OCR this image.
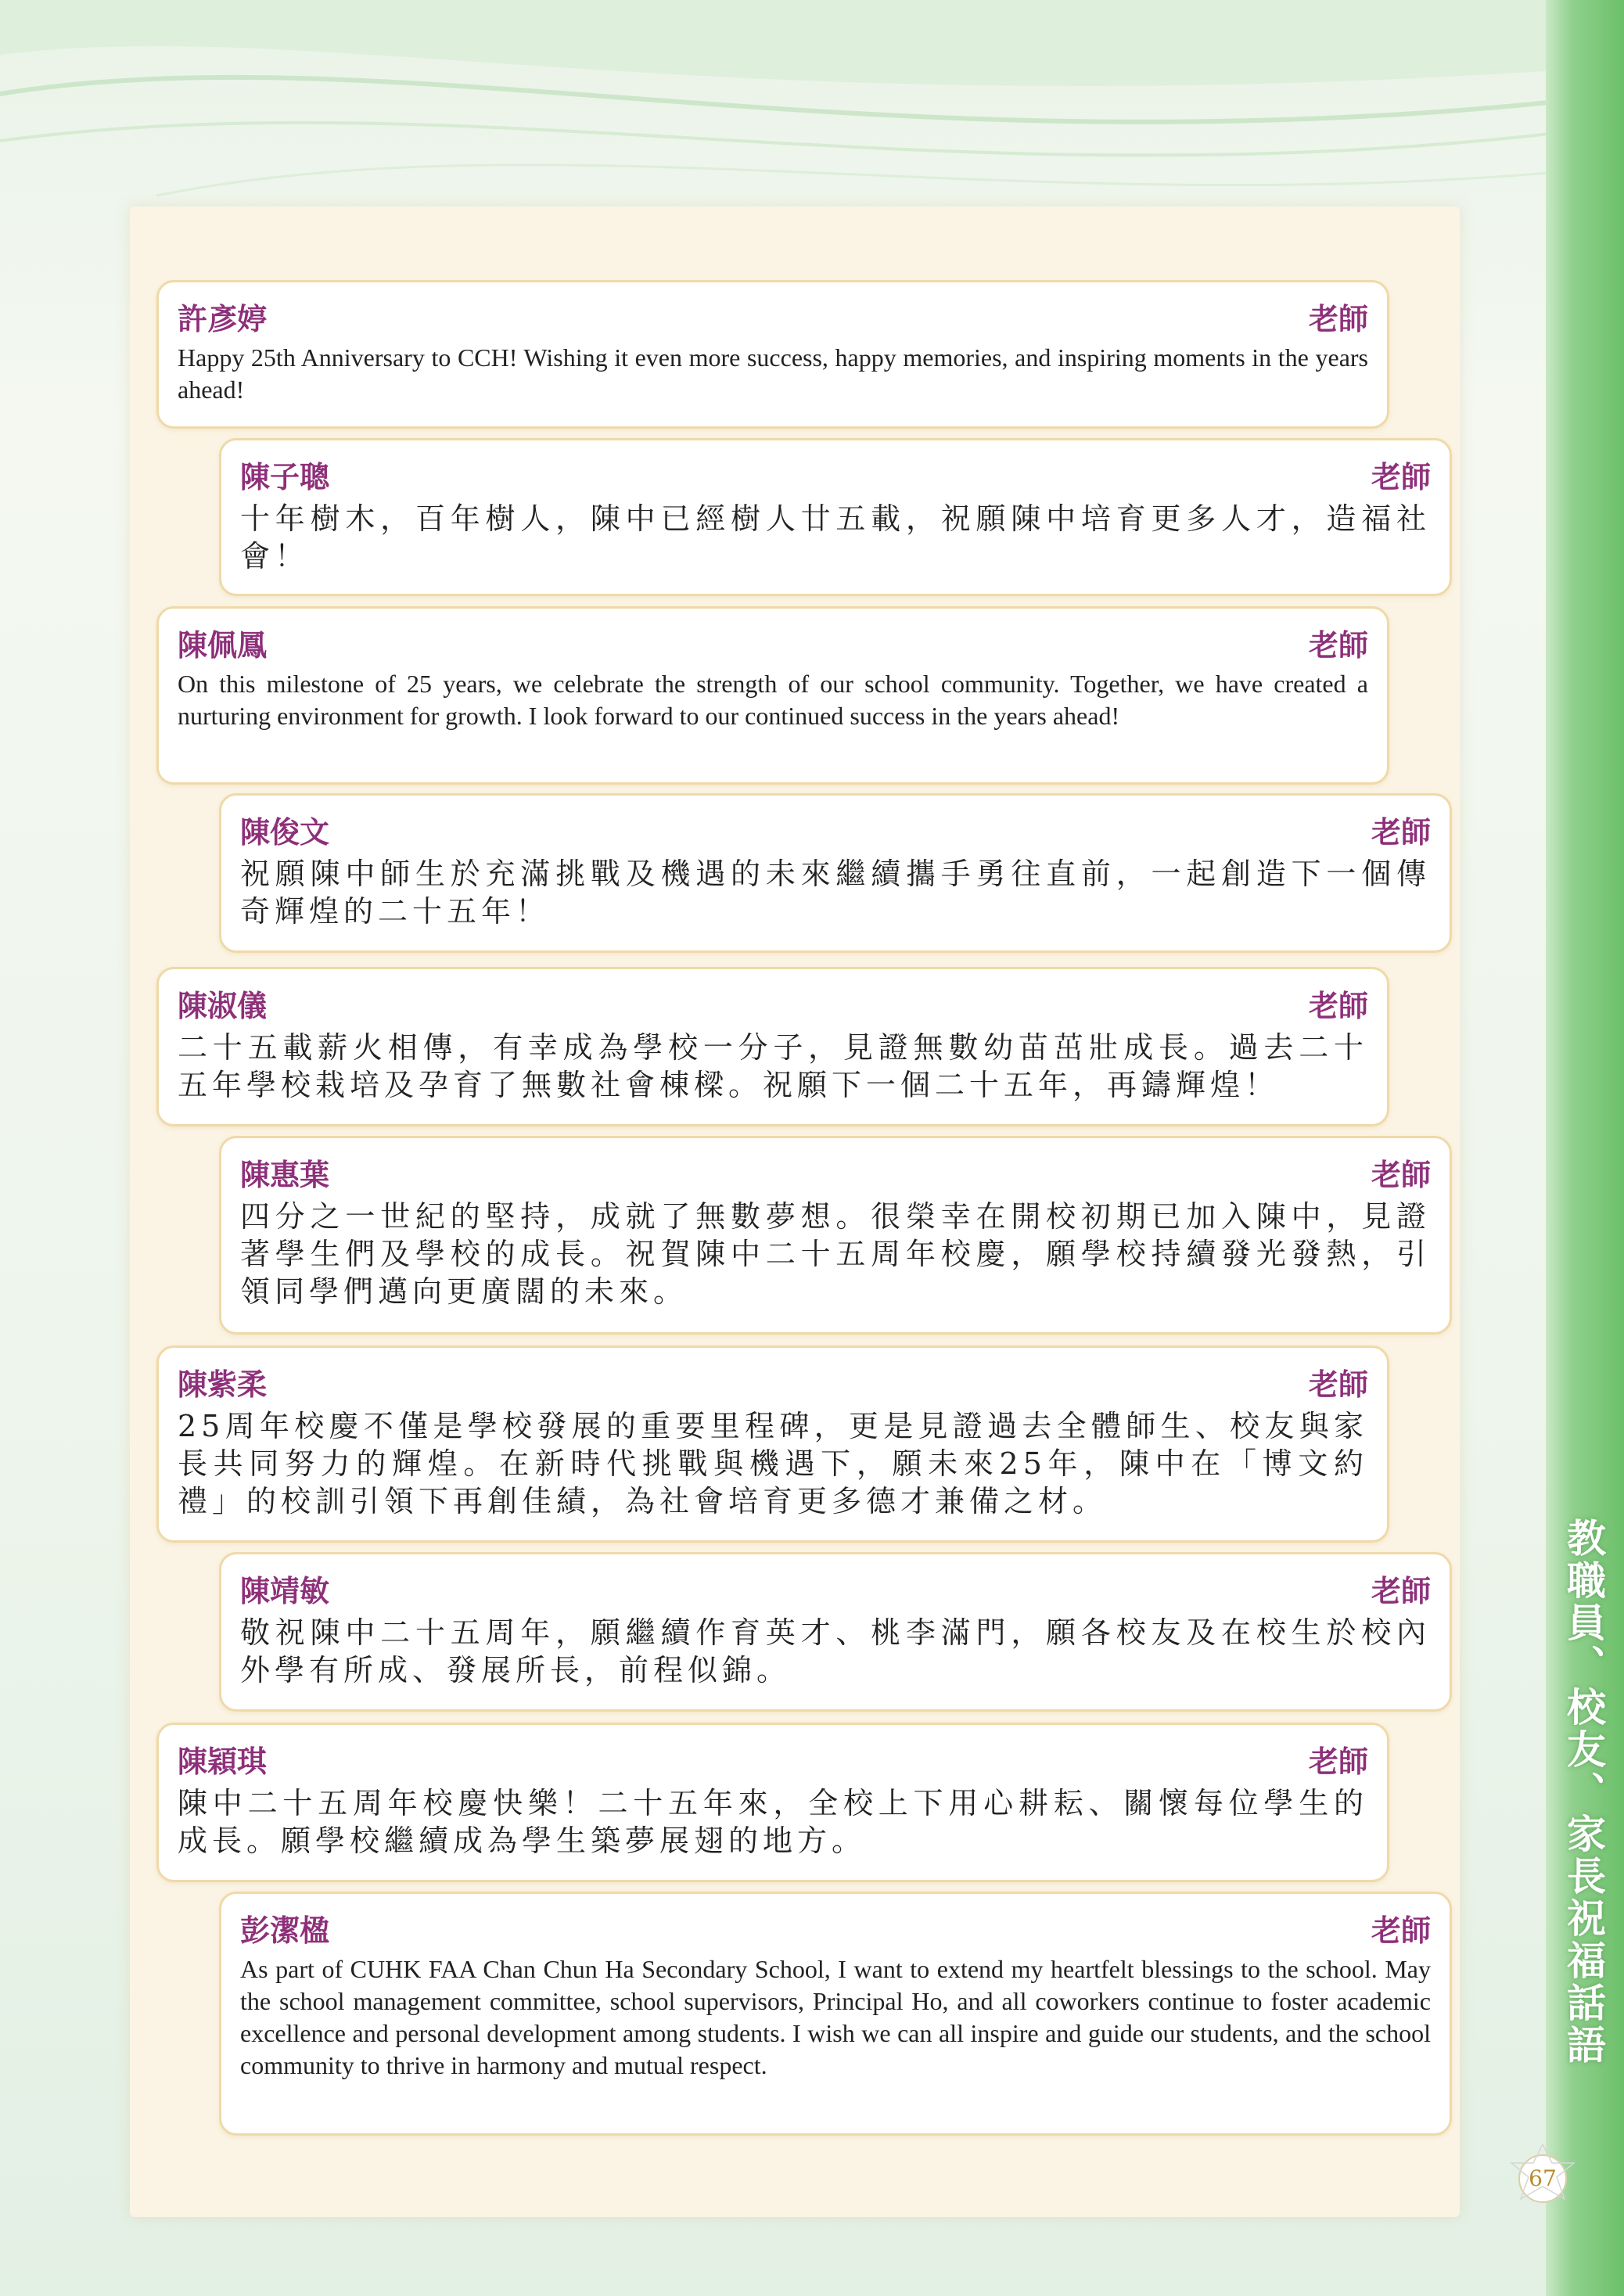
教職員、校友、家長祝福話語
許彥婷	老師
Happy 25th Anniversary to CCH! Wishing it even more success, happy memories, and inspiring moments in the years ahead!
陳子聰	老師
十年樹木，百年樹人，陳中已經樹人廿五載，祝願陳中培育更多人才，造福社會！
陳佩鳳	老師
On this milestone of 25 years, we celebrate the strength of our school community. Together, we have created a nurturing environment for growth. I look forward to our continued success in the years ahead!
陳俊文	老師
祝願陳中師生於充滿挑戰及機遇的未來繼續攜手勇往直前，一起創造下一個傳奇輝煌的二十五年！
陳淑儀	老師
二十五載薪火相傳，有幸成為學校一分子，見證無數幼苗茁壯成長。過去二十五年學校栽培及孕育了無數社會棟樑。祝願下一個二十五年，再鑄輝煌！
陳惠葉	老師
四分之一世紀的堅持，成就了無數夢想。很榮幸在開校初期已加入陳中，見證著學生們及學校的成長。祝賀陳中二十五周年校慶，願學校持續發光發熱，引領同學們邁向更廣闊的未來。
陳紫柔	老師
25周年校慶不僅是學校發展的重要里程碑，更是見證過去全體師生、校友與家長共同努力的輝煌。在新時代挑戰與機遇下，願未來25年，陳中在「博文約禮」的校訓引領下再創佳績，為社會培育更多德才兼備之材。
陳靖敏	老師
敬祝陳中二十五周年，願繼續作育英才、桃李滿門，願各校友及在校生於校內外學有所成、發展所長，前程似錦。
陳穎琪	老師
陳中二十五周年校慶快樂！二十五年來，全校上下用心耕耘、關懷每位學生的成長。願學校繼續成為學生築夢展翅的地方。
彭潔楹	老師
As part of CUHK FAA Chan Chun Ha Secondary School, I want to extend my heartfelt blessings to the school. May the school management committee, school supervisors, Principal Ho, and all coworkers continue to foster academic excellence and personal development among students. I wish we can all inspire and guide our students, and the school community to thrive in harmony and mutual respect.
67
